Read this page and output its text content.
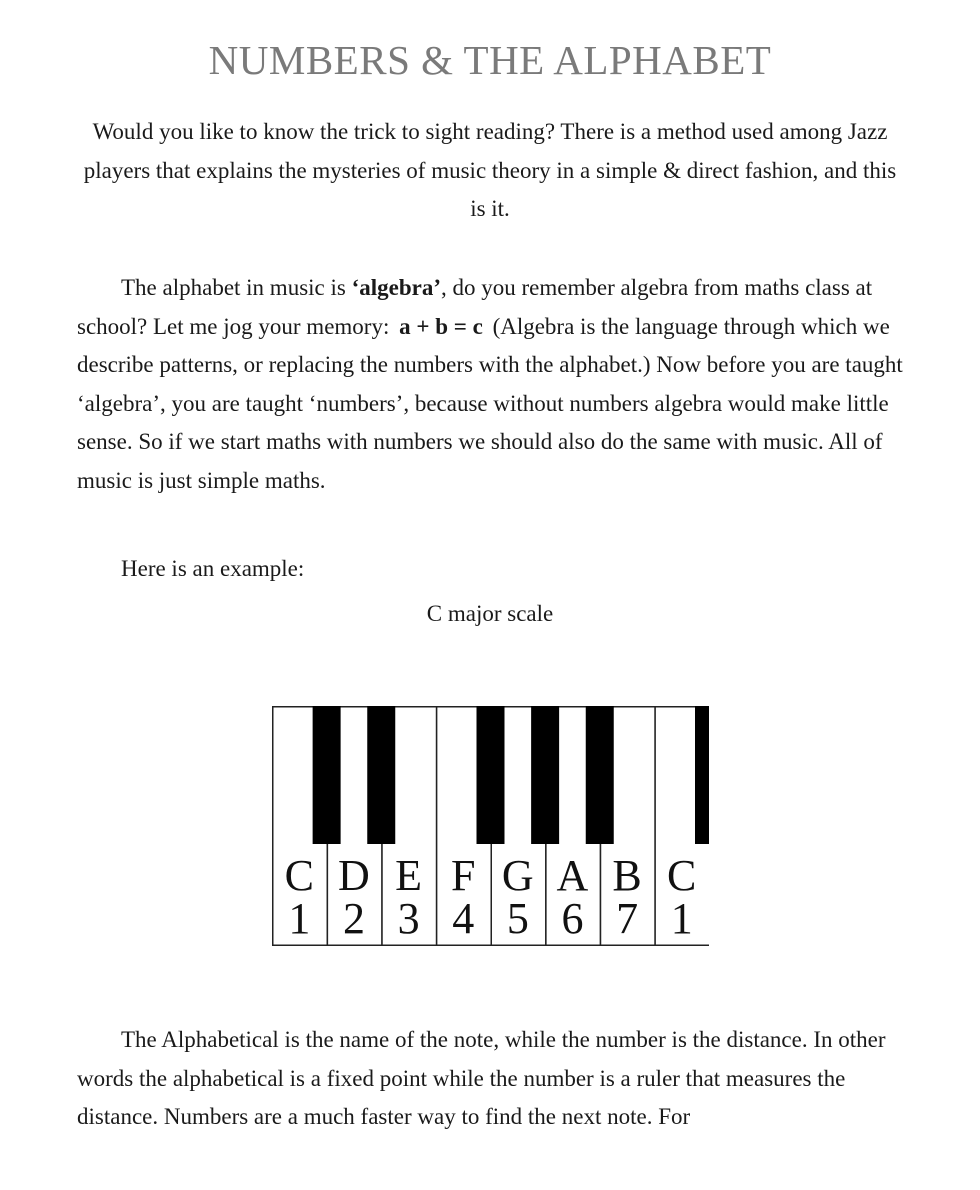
NUMBERS & THE ALPHABET

Would you like to know the trick to sight reading? There is a method used among Jazz players that explains the mysteries of music theory in a simple & direct fashion, and this is it.

The alphabet in music is ‘algebra’, do you remember algebra from maths class at school? Let me jog your memory: a + b = c (Algebra is the language through which we describe patterns, or replacing the numbers with the alphabet.) Now before you are taught ‘algebra’, you are taught ‘numbers’, because without numbers algebra would make little sense. So if we start maths with numbers we should also do the same with music. All of music is just simple maths.

Here is an example:

C major scale

C
1
D
2
E
3
F
4
G
5
A
6
B
7
C
1

The Alphabetical is the name of the note, while the number is the distance. In other words the alphabetical is a fixed point while the number is a ruler that measures the distance. Numbers are a much faster way to find the next note. For
